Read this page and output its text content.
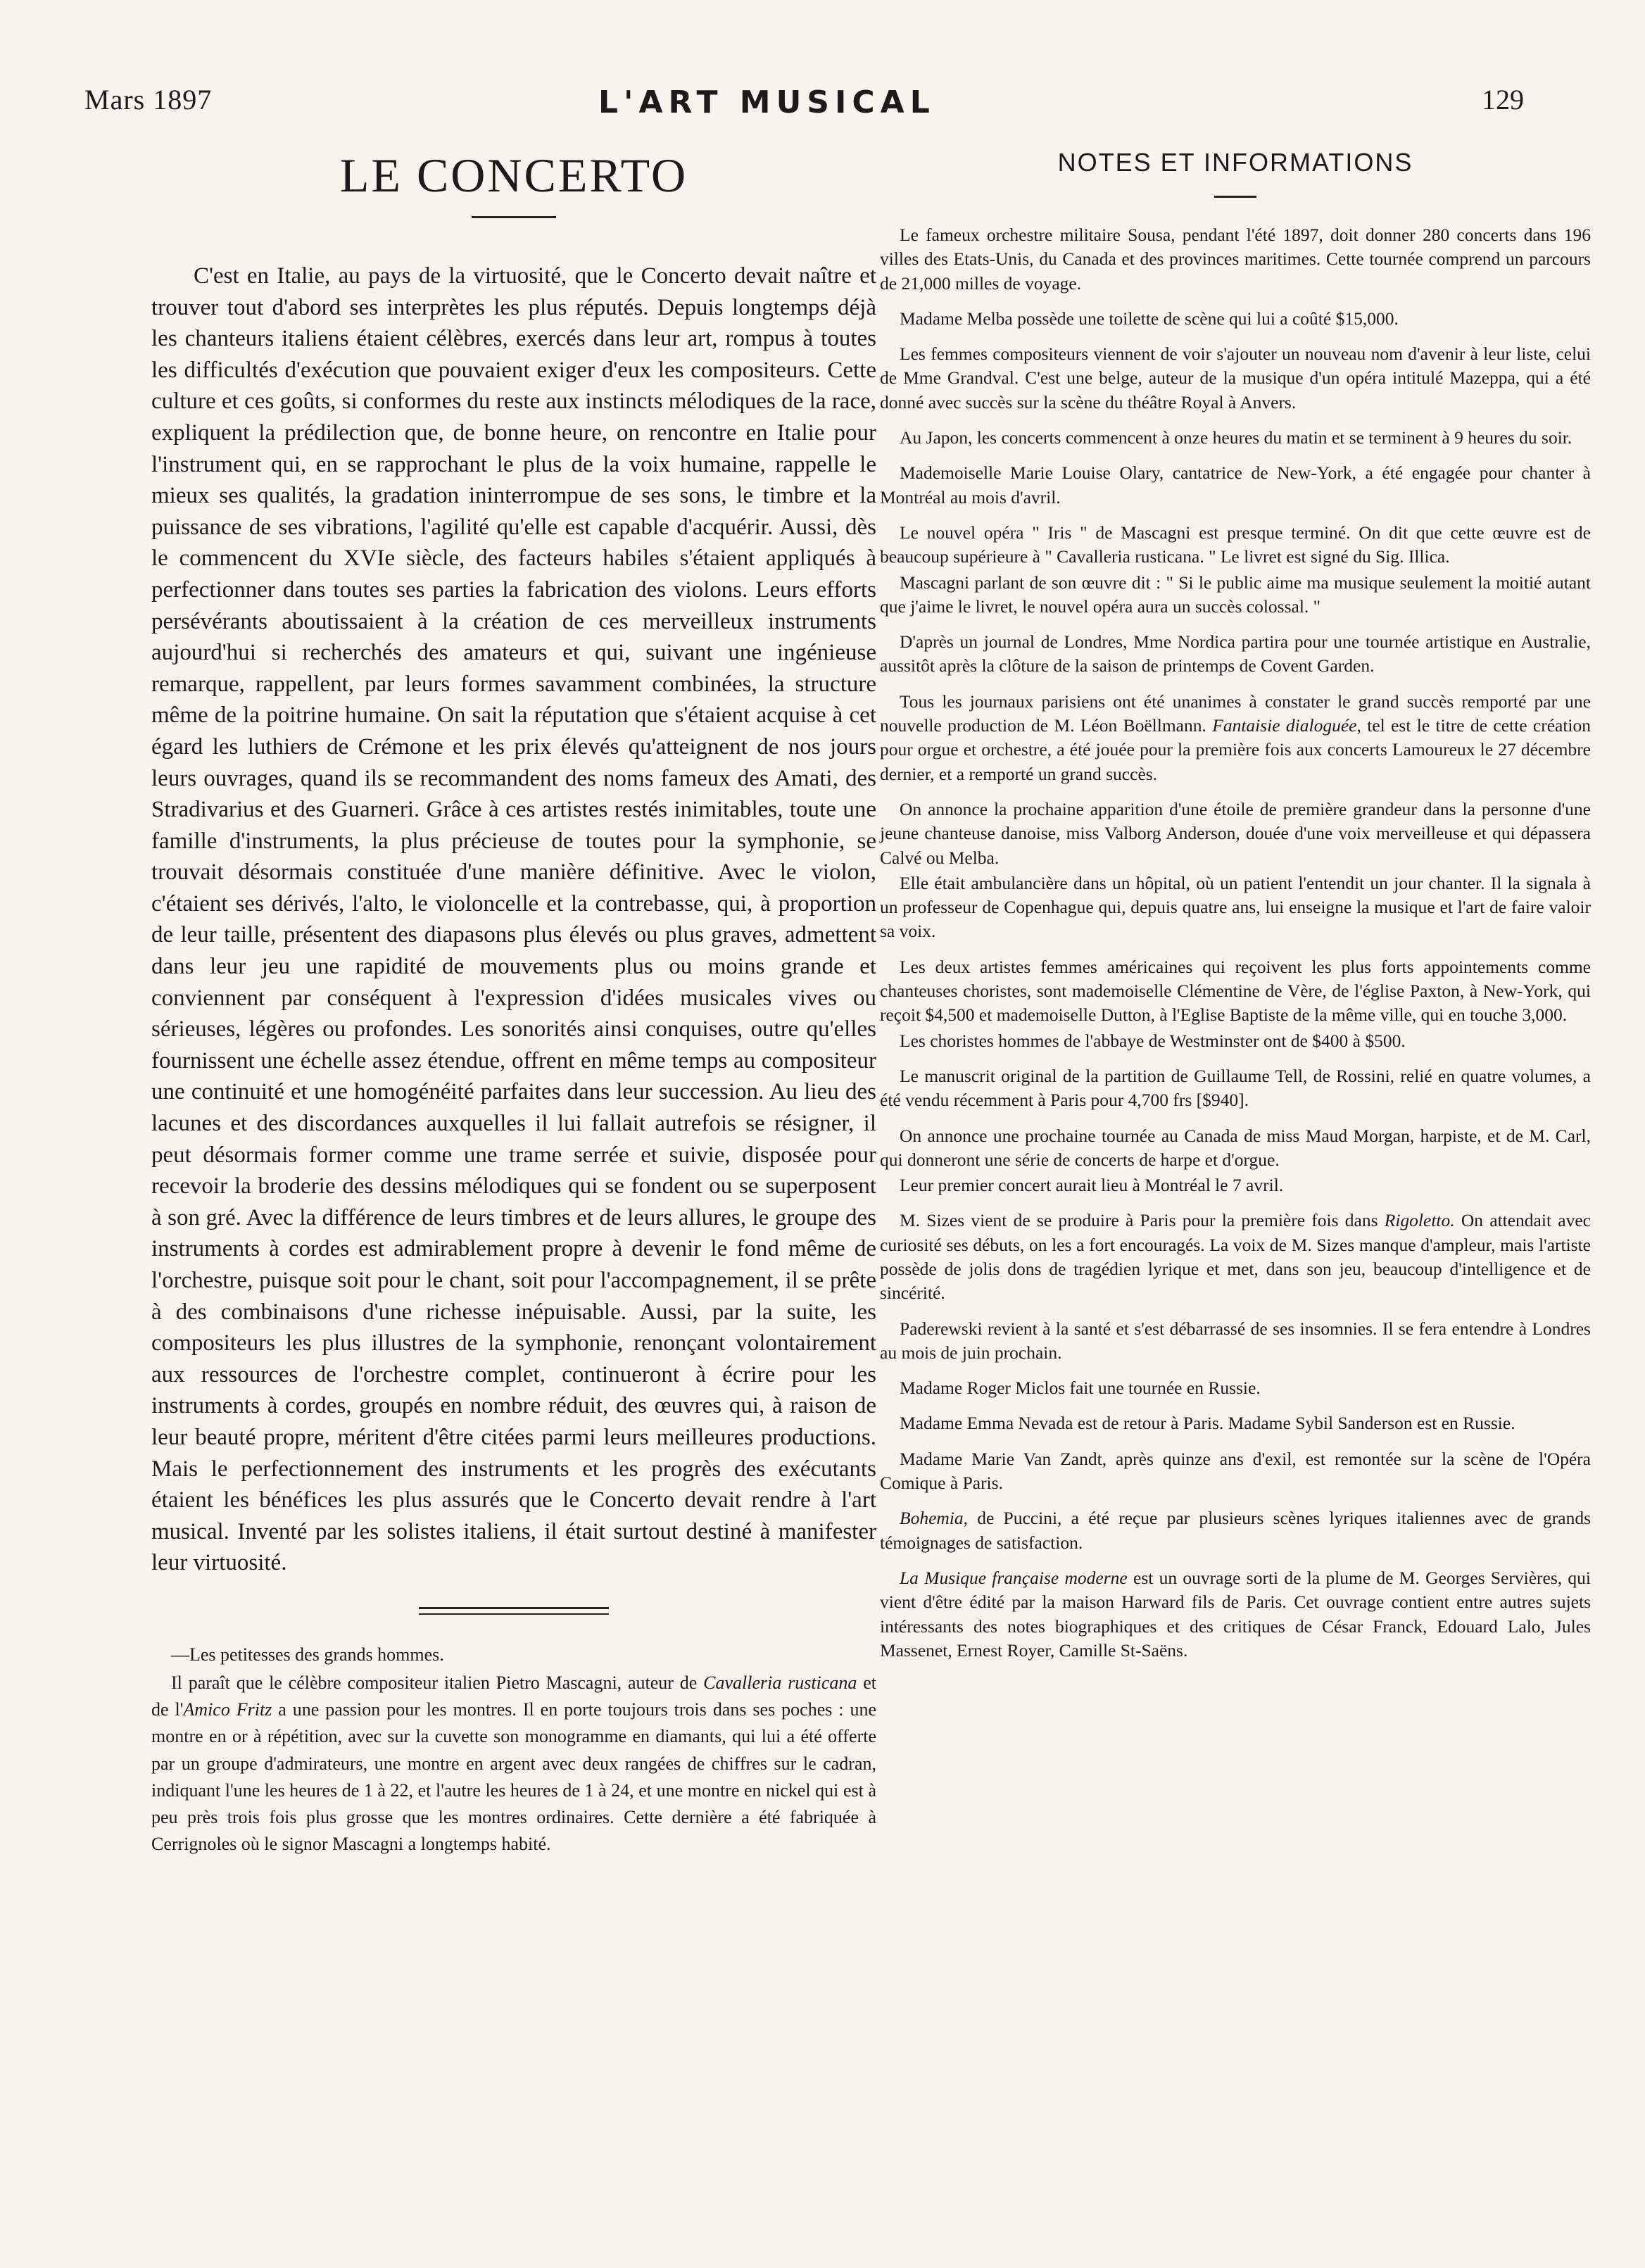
Mars 1897	L'ART MUSICAL	129
LE CONCERTO

C'est en Italie, au pays de la virtuosité, que le Concerto devait naître et trouver tout d'abord ses interprètes les plus réputés. Depuis longtemps déjà les chanteurs italiens étaient célèbres, exercés dans leur art, rompus à toutes les difficultés d'exécution que pouvaient exiger d'eux les compositeurs. Cette culture et ces goûts, si conformes du reste aux instincts mélodiques de la race, expliquent la prédilection que, de bonne heure, on rencontre en Italie pour l'instrument qui, en se rapprochant le plus de la voix humaine, rappelle le mieux ses qualités, la gradation ininterrompue de ses sons, le timbre et la puissance de ses vibrations, l'agilité qu'elle est capable d'acquérir. Aussi, dès le commencent du XVIe siècle, des facteurs habiles s'étaient appliqués à perfectionner dans toutes ses parties la fabrication des violons. Leurs efforts persévérants aboutissaient à la création de ces merveilleux instruments aujourd'hui si recherchés des amateurs et qui, suivant une ingénieuse remarque, rappellent, par leurs formes savamment combinées, la structure même de la poitrine humaine. On sait la réputation que s'étaient acquise à cet égard les luthiers de Crémone et les prix élevés qu'atteignent de nos jours leurs ouvrages, quand ils se recommandent des noms fameux des Amati, des Stradivarius et des Guarneri. Grâce à ces artistes restés inimitables, toute une famille d'instruments, la plus précieuse de toutes pour la symphonie, se trouvait désormais constituée d'une manière définitive. Avec le violon, c'étaient ses dérivés, l'alto, le violoncelle et la contrebasse, qui, à proportion de leur taille, présentent des diapasons plus élevés ou plus graves, admettent dans leur jeu une rapidité de mouvements plus ou moins grande et conviennent par conséquent à l'expression d'idées musicales vives ou sérieuses, légères ou profondes. Les sonorités ainsi conquises, outre qu'elles fournissent une échelle assez étendue, offrent en même temps au compositeur une continuité et une homogénéité parfaites dans leur succession. Au lieu des lacunes et des discordances auxquelles il lui fallait autrefois se résigner, il peut désormais former comme une trame serrée et suivie, disposée pour recevoir la broderie des dessins mélodiques qui se fondent ou se superposent à son gré. Avec la différence de leurs timbres et de leurs allures, le groupe des instruments à cordes est admirablement propre à devenir le fond même de l'orchestre, puisque soit pour le chant, soit pour l'accompagnement, il se prête à des combinaisons d'une richesse inépuisable. Aussi, par la suite, les compositeurs les plus illustres de la symphonie, renonçant volontairement aux ressources de l'orchestre complet, continueront à écrire pour les instruments à cordes, groupés en nombre réduit, des œuvres qui, à raison de leur beauté propre, méritent d'être citées parmi leurs meilleures productions. Mais le perfectionnement des instruments et les progrès des exécutants étaient les bénéfices les plus assurés que le Concerto devait rendre à l'art musical. Inventé par les solistes italiens, il était surtout destiné à manifester leur virtuosité.

—Les petitesses des grands hommes.

Il paraît que le célèbre compositeur italien Pietro Mascagni, auteur de Cavalleria rusticana et de l'Amico Fritz a une passion pour les montres. Il en porte toujours trois dans ses poches : une montre en or à répétition, avec sur la cuvette son monogramme en diamants, qui lui a été offerte par un groupe d'admirateurs, une montre en argent avec deux rangées de chiffres sur le cadran, indiquant l'une les heures de 1 à 22, et l'autre les heures de 1 à 24, et une montre en nickel qui est à peu près trois fois plus grosse que les montres ordinaires. Cette dernière a été fabriquée à Cerrignoles où le signor Mascagni a longtemps habité.

NOTES ET INFORMATIONS

Le fameux orchestre militaire Sousa, pendant l'été 1897, doit donner 280 concerts dans 196 villes des Etats-Unis, du Canada et des provinces maritimes. Cette tournée comprend un parcours de 21,000 milles de voyage.

Madame Melba possède une toilette de scène qui lui a coûté $15,000.

Les femmes compositeurs viennent de voir s'ajouter un nouveau nom d'avenir à leur liste, celui de Mme Grandval. C'est une belge, auteur de la musique d'un opéra intitulé Mazeppa, qui a été donné avec succès sur la scène du théâtre Royal à Anvers.

Au Japon, les concerts commencent à onze heures du matin et se terminent à 9 heures du soir.

Mademoiselle Marie Louise Olary, cantatrice de New-York, a été engagée pour chanter à Montréal au mois d'avril.

Le nouvel opéra " Iris " de Mascagni est presque terminé. On dit que cette œuvre est de beaucoup supérieure à " Cavalleria rusticana. " Le livret est signé du Sig. Illica.

Mascagni parlant de son œuvre dit : " Si le public aime ma musique seulement la moitié autant que j'aime le livret, le nouvel opéra aura un succès colossal. "

D'après un journal de Londres, Mme Nordica partira pour une tournée artistique en Australie, aussitôt après la clôture de la saison de printemps de Covent Garden.

Tous les journaux parisiens ont été unanimes à constater le grand succès remporté par une nouvelle production de M. Léon Boëllmann. Fantaisie dialoguée, tel est le titre de cette création pour orgue et orchestre, a été jouée pour la première fois aux concerts Lamoureux le 27 décembre dernier, et a remporté un grand succès.

On annonce la prochaine apparition d'une étoile de première grandeur dans la personne d'une jeune chanteuse danoise, miss Valborg Anderson, douée d'une voix merveilleuse et qui dépassera Calvé ou Melba.

Elle était ambulancière dans un hôpital, où un patient l'entendit un jour chanter. Il la signala à un professeur de Copenhague qui, depuis quatre ans, lui enseigne la musique et l'art de faire valoir sa voix.

Les deux artistes femmes américaines qui reçoivent les plus forts appointements comme chanteuses choristes, sont mademoiselle Clémentine de Vère, de l'église Paxton, à New-York, qui reçoit $4,500 et mademoiselle Dutton, à l'Eglise Baptiste de la même ville, qui en touche 3,000.

Les choristes hommes de l'abbaye de Westminster ont de $400 à $500.

Le manuscrit original de la partition de Guillaume Tell, de Rossini, relié en quatre volumes, a été vendu récemment à Paris pour 4,700 frs [$940].

On annonce une prochaine tournée au Canada de miss Maud Morgan, harpiste, et de M. Carl, qui donneront une série de concerts de harpe et d'orgue.

Leur premier concert aurait lieu à Montréal le 7 avril.

M. Sizes vient de se produire à Paris pour la première fois dans Rigoletto. On attendait avec curiosité ses débuts, on les a fort encouragés. La voix de M. Sizes manque d'ampleur, mais l'artiste possède de jolis dons de tragédien lyrique et met, dans son jeu, beaucoup d'intelligence et de sincérité.

Paderewski revient à la santé et s'est débarrassé de ses insomnies. Il se fera entendre à Londres au mois de juin prochain.

Madame Roger Miclos fait une tournée en Russie.

Madame Emma Nevada est de retour à Paris. Madame Sybil Sanderson est en Russie.

Madame Marie Van Zandt, après quinze ans d'exil, est remontée sur la scène de l'Opéra Comique à Paris.

Bohemia, de Puccini, a été reçue par plusieurs scènes lyriques italiennes avec de grands témoignages de satisfaction.

La Musique française moderne est un ouvrage sorti de la plume de M. Georges Servières, qui vient d'être édité par la maison Harward fils de Paris. Cet ouvrage contient entre autres sujets intéressants des notes biographiques et des critiques de César Franck, Edouard Lalo, Jules Massenet, Ernest Royer, Camille St-Saëns.
